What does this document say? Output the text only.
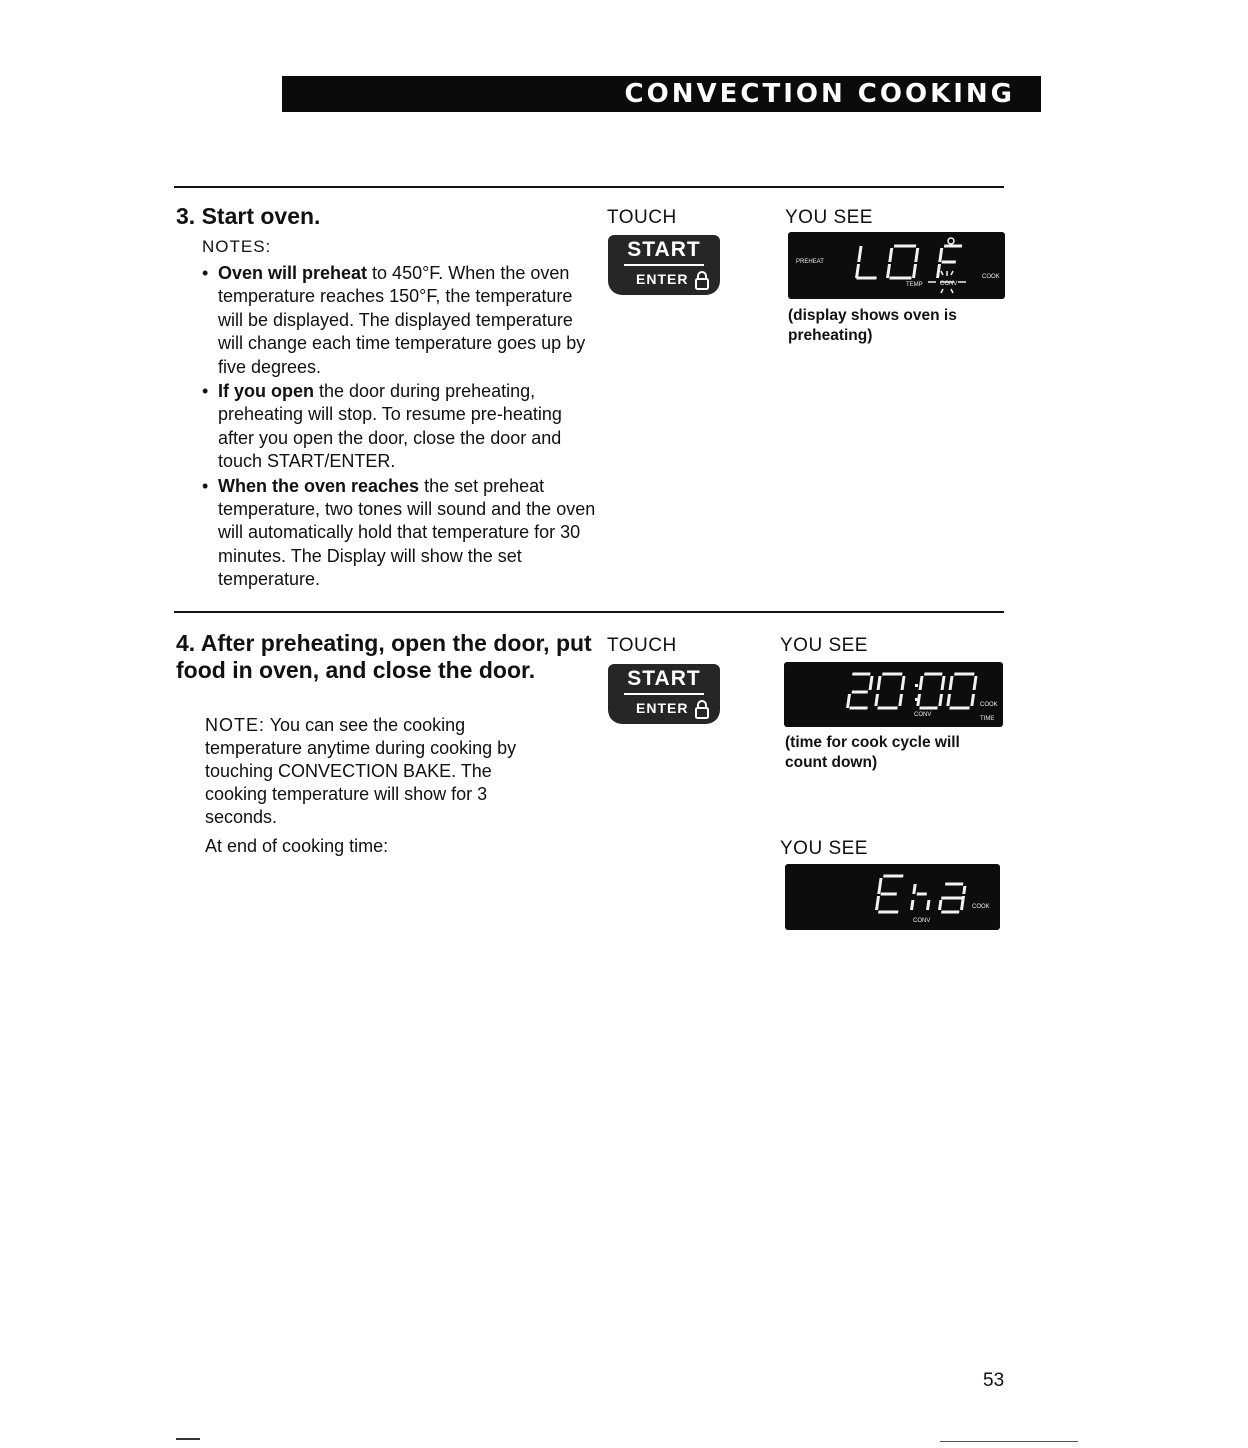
CONVECTION COOKING
3. Start oven.
NOTES:
• Oven will preheat to 450°F. When the oven temperature reaches 150°F, the temperature will be displayed. The displayed temperature will change each time temperature goes up by five degrees.
• If you open the door during preheating, preheating will stop. To resume pre-heating after you open the door, close the door and touch START/ENTER.
• When the oven reaches the set preheat temperature, two tones will sound and the oven will automatically hold that temperature for 30 minutes. The Display will show the set temperature.
TOUCH	YOU SEE
START
ENTER
PREHEAT
TEMP	CONV
COOK

(display shows oven is preheating)

4. After preheating, open the door, put food in oven, and close the door.
NOTE: You can see the cooking temperature anytime during cooking by touching CONVECTION BAKE. The cooking temperature will show for 3 seconds.
At end of cooking time:
TOUCH	YOU SEE
START
ENTER	CONV
COOK
TIME

(time for cook cycle will count down)

YOU SEE
CONV
COOK
53
